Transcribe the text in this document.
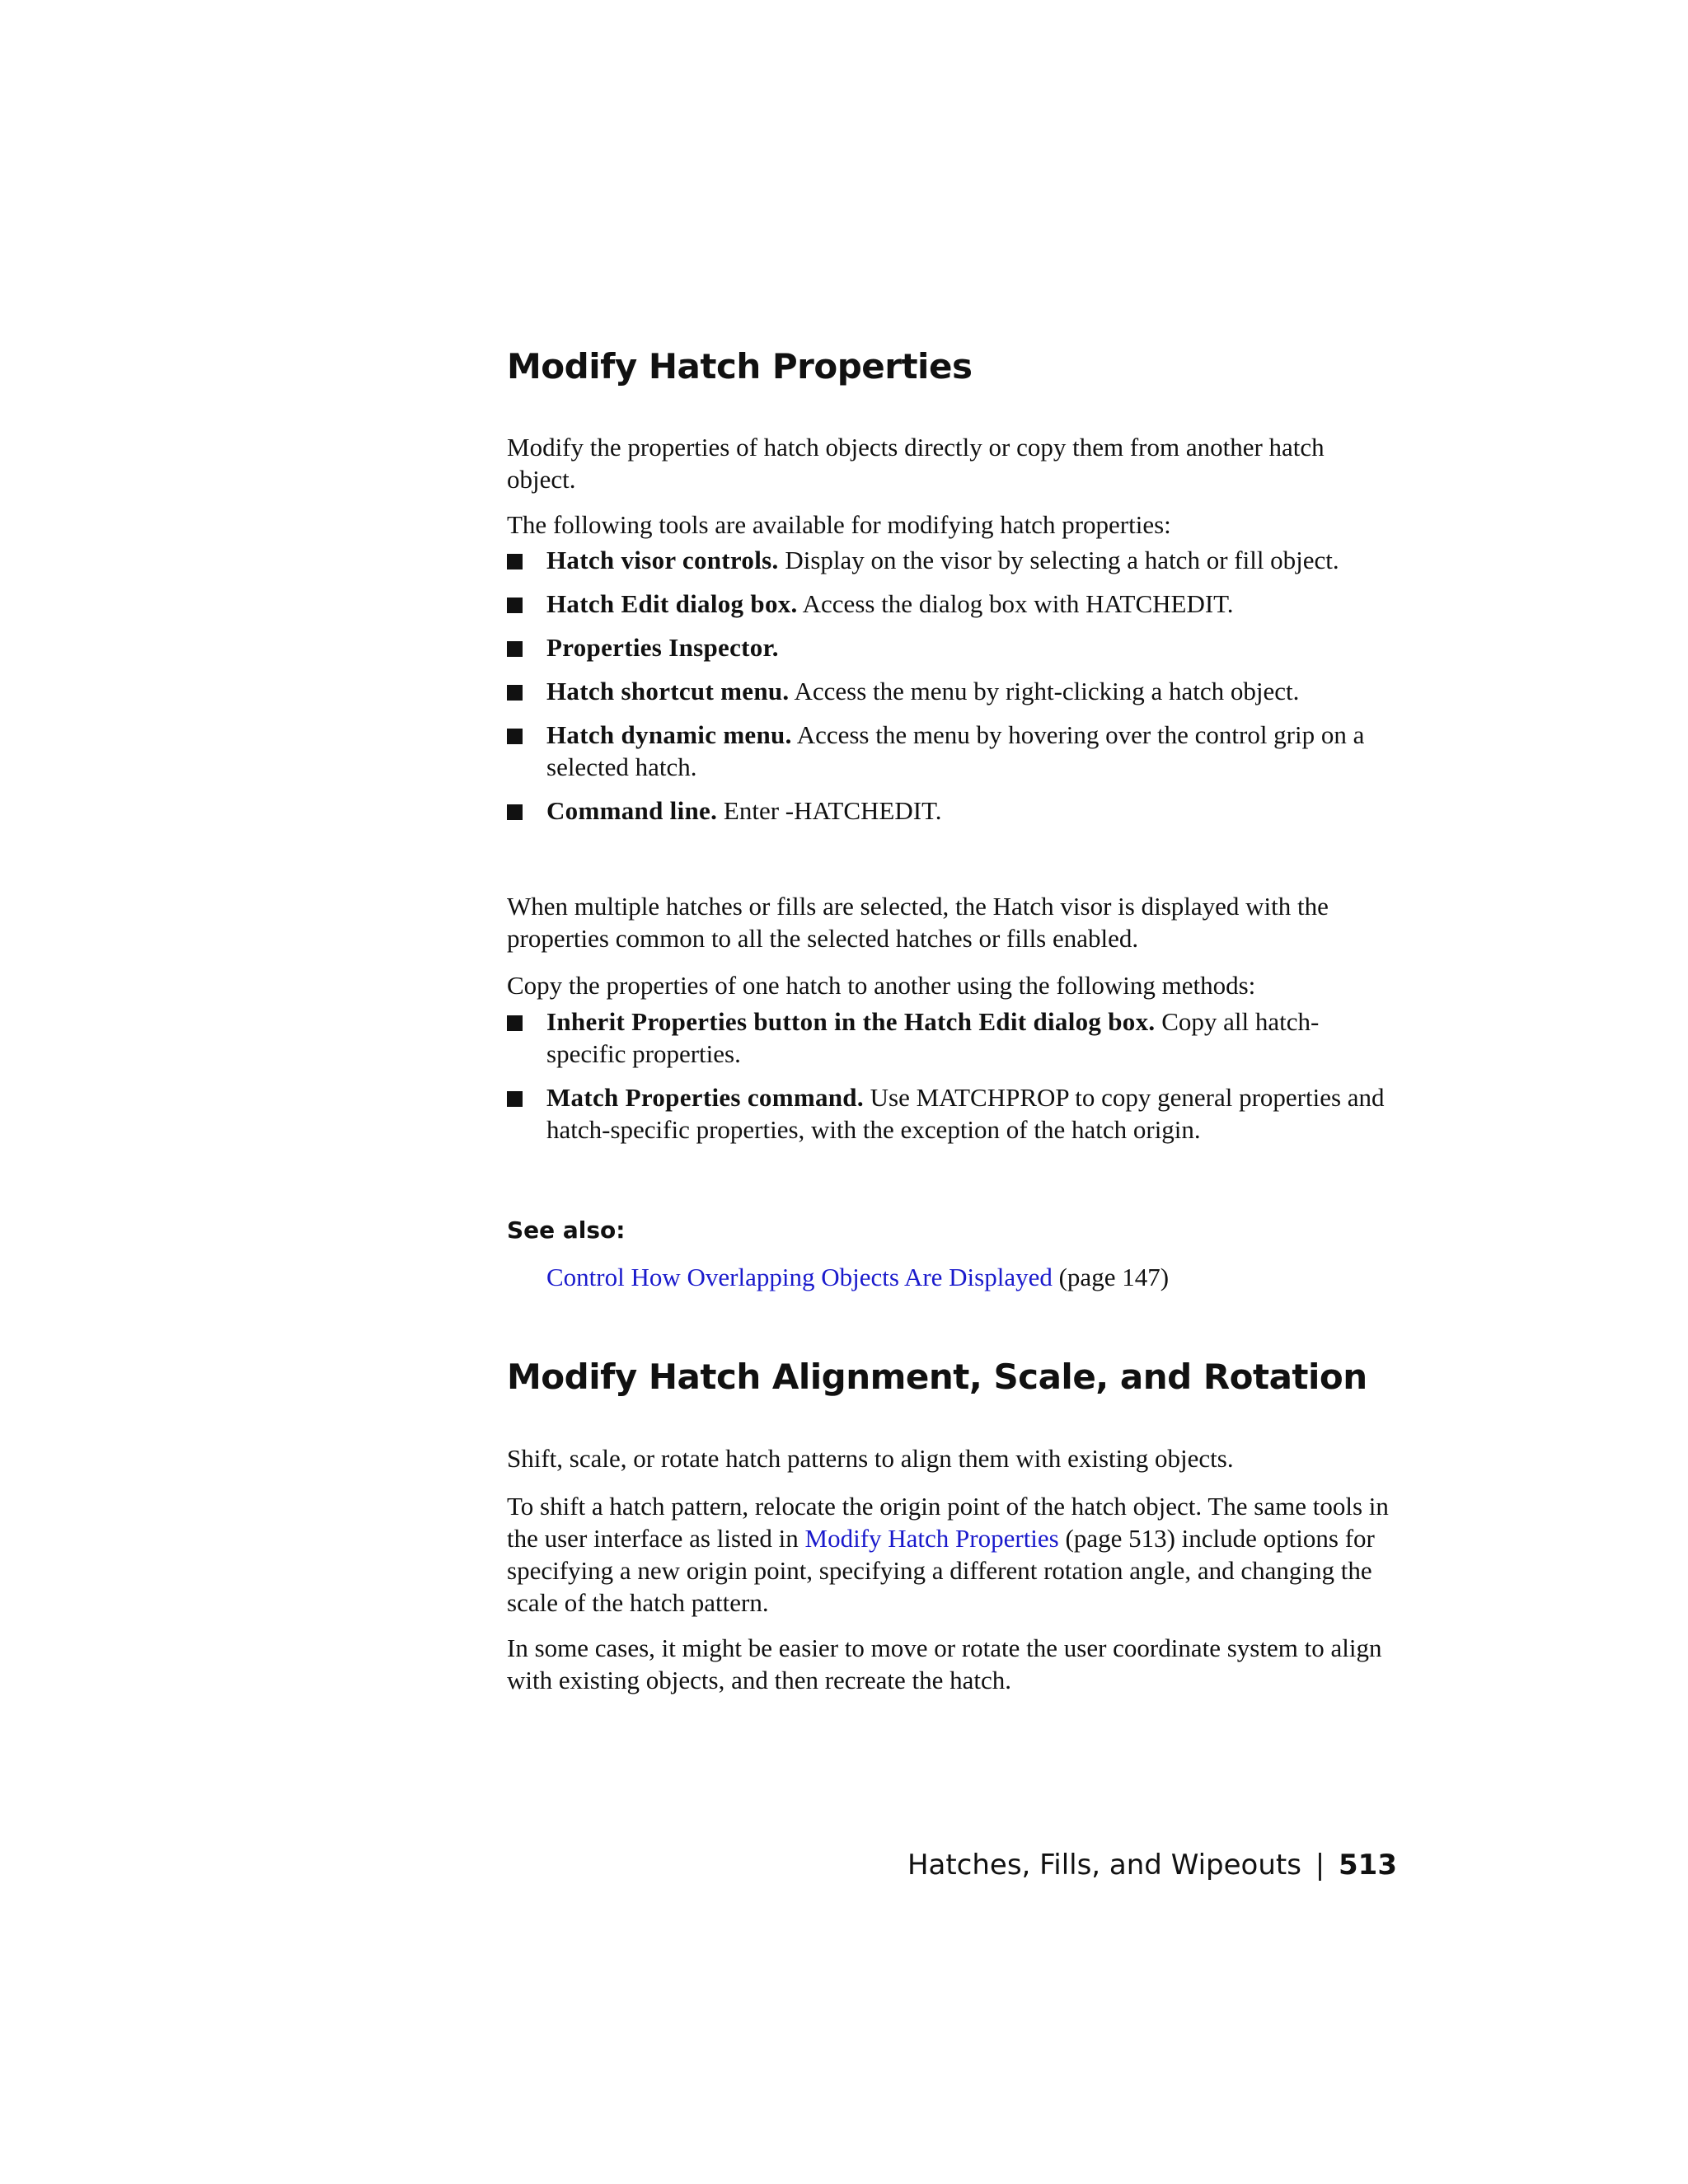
Modify Hatch Properties

Modify the properties of hatch objects directly or copy them from another hatch object.

The following tools are available for modifying hatch properties:

Hatch visor controls. Display on the visor by selecting a hatch or fill object.
Hatch Edit dialog box. Access the dialog box with HATCHEDIT.
Properties Inspector.
Hatch shortcut menu. Access the menu by right-clicking a hatch object.
Hatch dynamic menu. Access the menu by hovering over the control grip on a selected hatch.
Command line. Enter -HATCHEDIT.

When multiple hatches or fills are selected, the Hatch visor is displayed with the properties common to all the selected hatches or fills enabled.

Copy the properties of one hatch to another using the following methods:

Inherit Properties button in the Hatch Edit dialog box. Copy all hatch-specific properties.
Match Properties command. Use MATCHPROP to copy general properties and hatch-specific properties, with the exception of the hatch origin.
See also:
Control How Overlapping Objects Are Displayed (page 147)
Modify Hatch Alignment, Scale, and Rotation

Shift, scale, or rotate hatch patterns to align them with existing objects.

To shift a hatch pattern, relocate the origin point of the hatch object. The same tools in the user interface as listed in Modify Hatch Properties (page 513) include options for specifying a new origin point, specifying a different rotation angle, and changing the scale of the hatch pattern.

In some cases, it might be easier to move or rotate the user coordinate system to align with existing objects, and then recreate the hatch.

Hatches, Fills, and Wipeouts | 513
